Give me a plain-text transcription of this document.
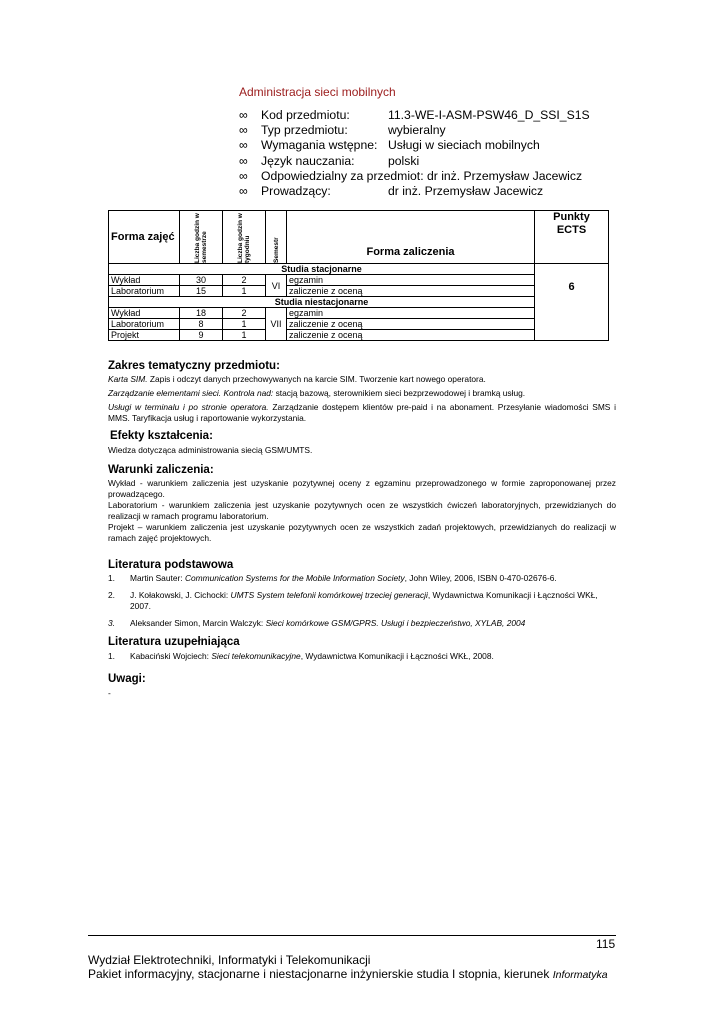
Administracja sieci mobilnych
∞	Kod przedmiotu:	11.3-WE-I-ASM-PSW46_D_SSI_S1S
∞	Typ przedmiotu:	wybieralny
∞	Wymagania wstępne: Usługi w sieciach mobilnych
∞	Język nauczania:	polski
∞	Odpowiedzialny za przedmiot: dr inż. Przemysław Jacewicz
∞	Prowadzący:	dr inż. Przemysław Jacewicz
Forma zajęć	Liczba godzin w semestrze	Liczba godzin w tygodniu	Semestr	Forma zaliczenia	Punkty ECTS
Studia stacjonarne					6
Wykład	30	2	VI	egzamin	
Laboratorium	15	1		zaliczenie z oceną	
Studia niestacjonarne					
Wykład	18	2	VII	egzamin	
Laboratorium	8	1		zaliczenie z oceną	
Projekt	9	1		zaliczenie z oceną	
Zakres tematyczny przedmiotu:
Karta SIM. Zapis i odczyt danych przechowywanych na karcie SIM. Tworzenie kart nowego operatora.
Zarządzanie elementami sieci. Kontrola nad: stacją bazową, sterownikiem sieci bezprzewodowej i bramką usług.
Usługi w terminalu i po stronie operatora. Zarządzanie dostępem klientów pre-paid i na abonament. Przesyłanie wiadomości SMS i MMS. Taryfikacja usług i raportowanie wykorzystania.
Efekty kształcenia:
Wiedza dotycząca administrowania siecią GSM/UMTS.
Warunki zaliczenia:
Wykład - warunkiem zaliczenia jest uzyskanie pozytywnej oceny z egzaminu przeprowadzonego w formie zaproponowanej przez prowadzącego.
Laboratorium - warunkiem zaliczenia jest uzyskanie pozytywnych ocen ze wszystkich ćwiczeń laboratoryjnych, przewidzianych do realizacji w ramach programu laboratorium.
Projekt – warunkiem zaliczenia jest uzyskanie pozytywnych ocen ze wszystkich zadań projektowych, przewidzianych do realizacji w ramach zajęć projektowych.
Literatura podstawowa
1.	Martin Sauter: Communication Systems for the Mobile Information Society, John Wiley, 2006, ISBN 0-470-02676-6.
2.	J. Kołakowski, J. Cichocki: UMTS System telefonii komórkowej trzeciej generacji, Wydawnictwa Komunikacji i Łączności WKŁ, 2007.
3.	Aleksander Simon, Marcin Walczyk: Sieci komórkowe GSM/GPRS. Usługi i bezpieczeństwo, XYLAB, 2004
Literatura uzupełniająca
1.	Kabaciński Wojciech: Sieci telekomunikacyjne, Wydawnictwa Komunikacji i Łączności WKŁ, 2008.
Uwagi:
-
115
Wydział Elektrotechniki, Informatyki i Telekomunikacji
Pakiet informacyjny, stacjonarne i niestacjonarne inżynierskie studia I stopnia, kierunek Informatyka
